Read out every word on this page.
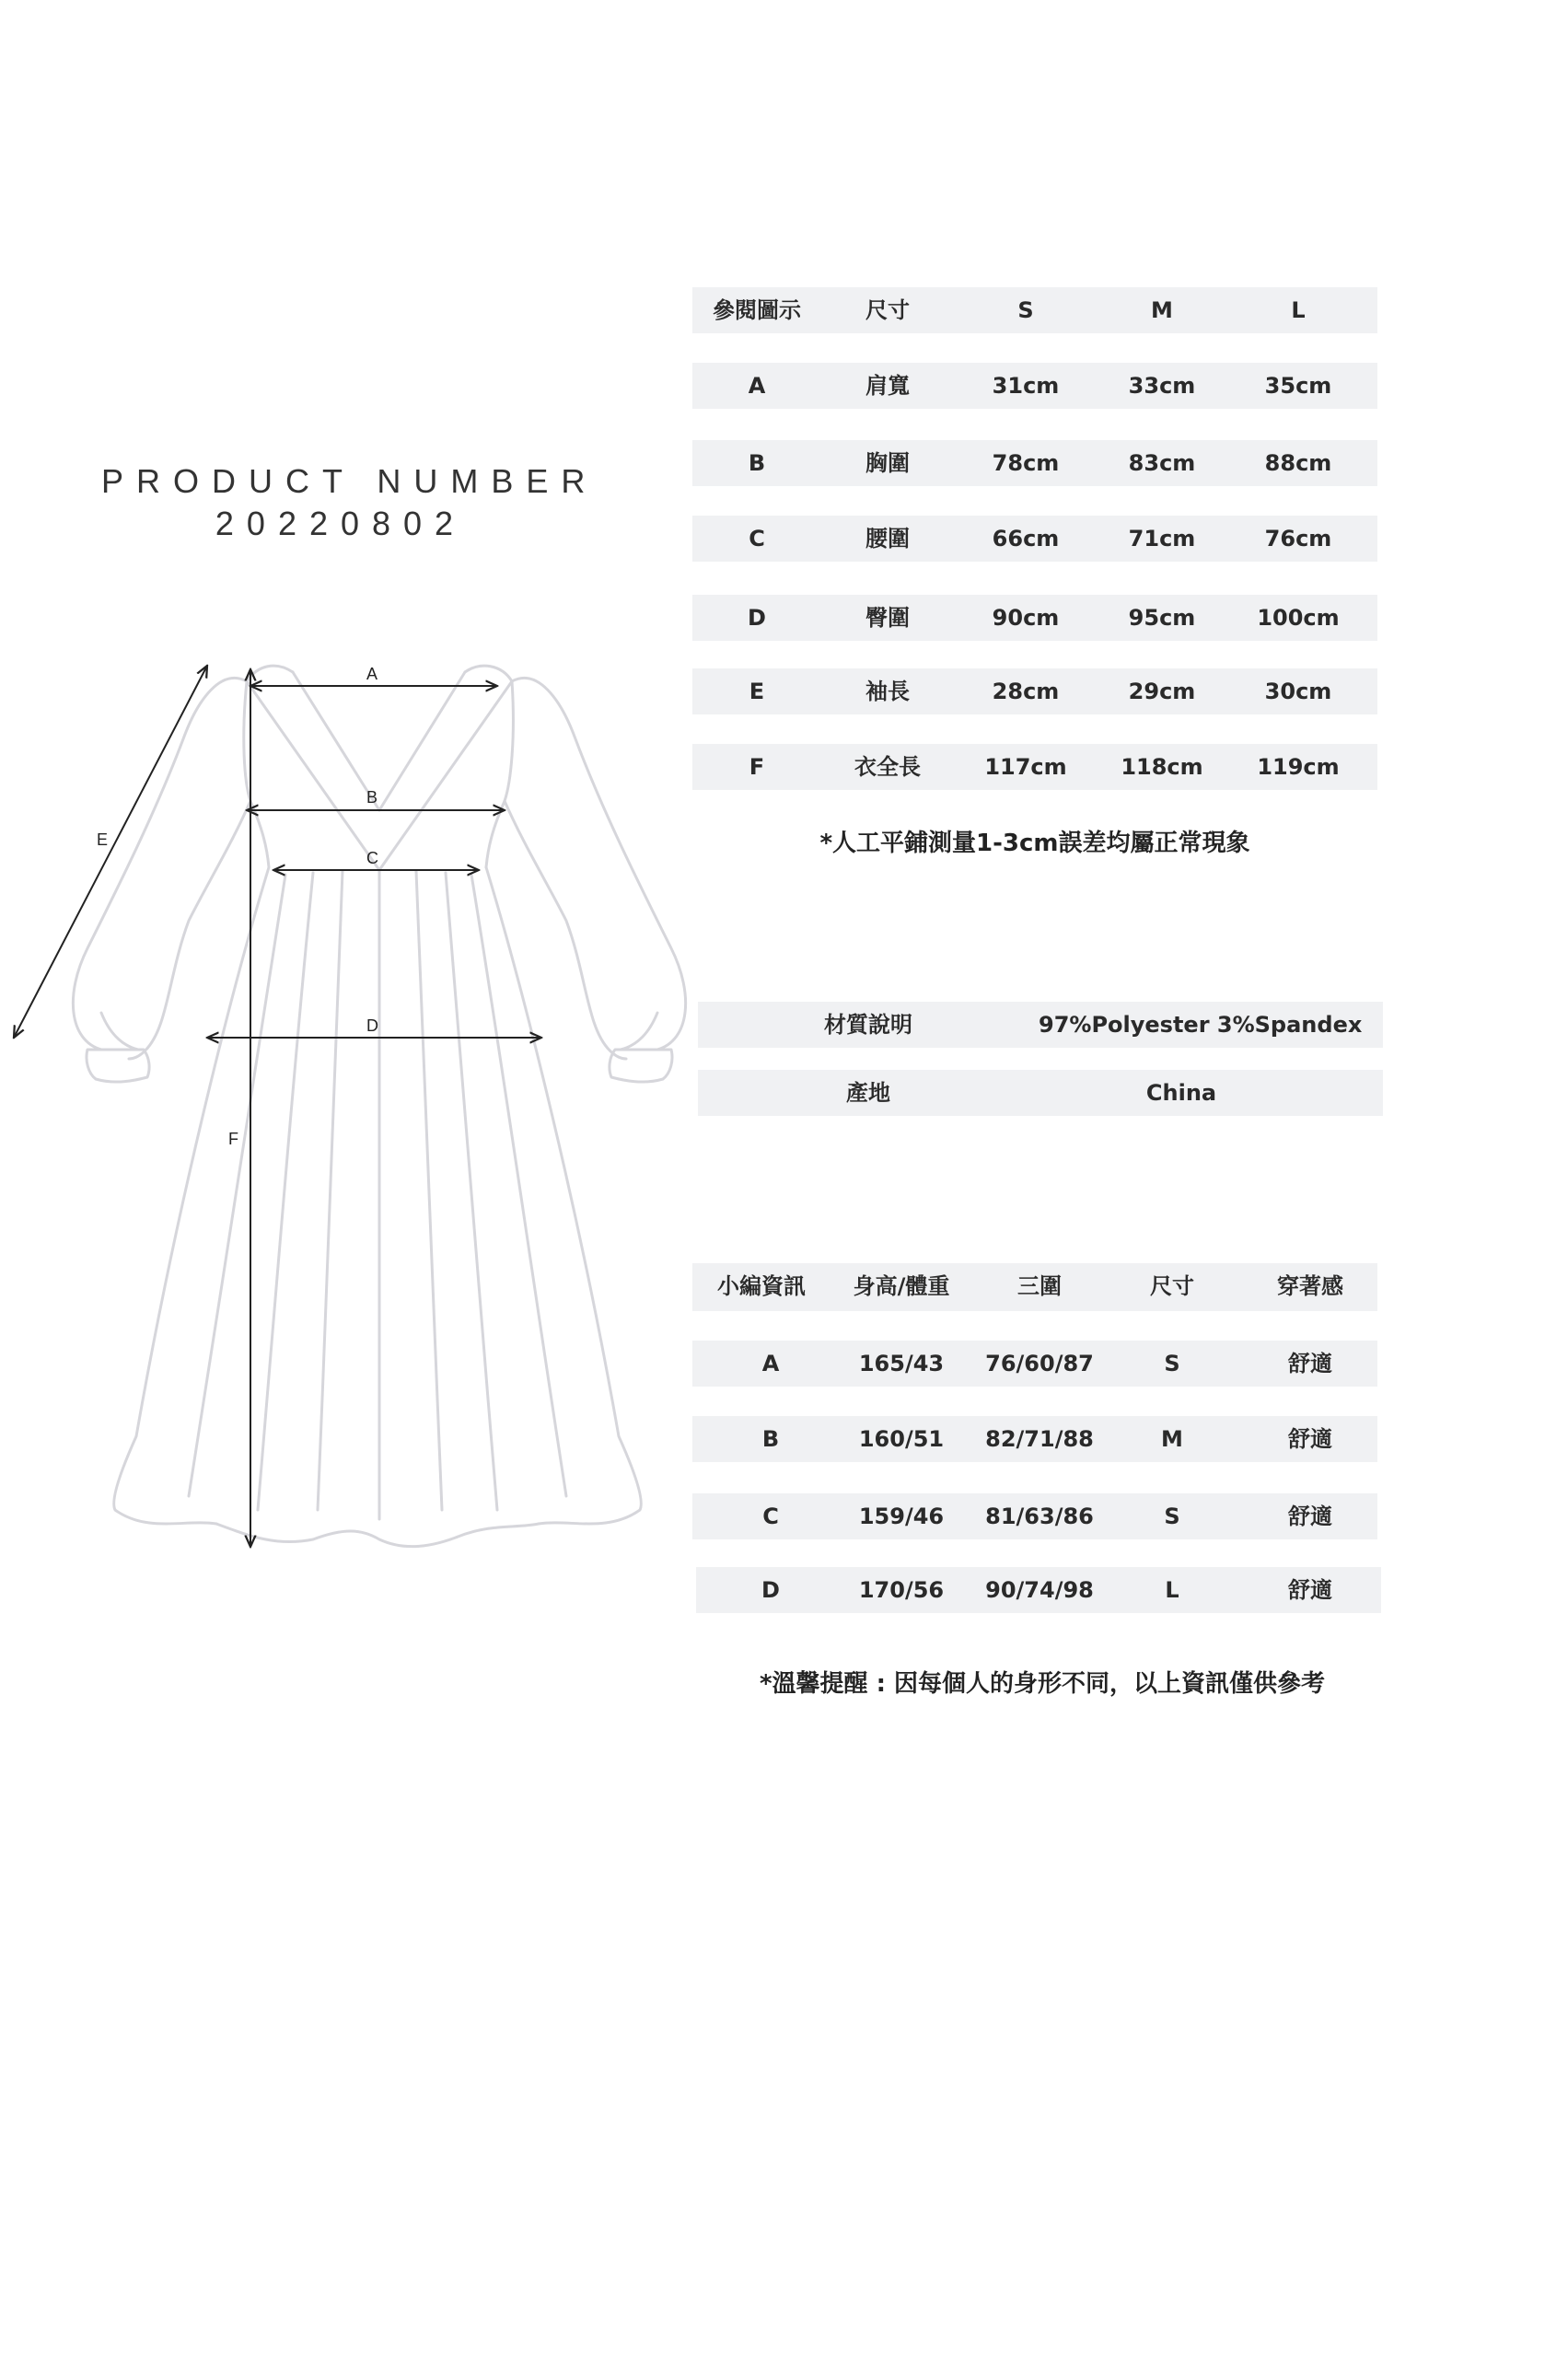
PRODUCT NUMBER
20220802
A
B
C
D
E
F
參閱圖示	尺寸	S	M	L
A	肩寬	31cm	33cm	35cm
B	胸圍	78cm	83cm	88cm
C	腰圍	66cm	71cm	76cm
D	臀圍	90cm	95cm	100cm
E	袖長	28cm	29cm	30cm
F	衣全長	117cm	118cm	119cm
*人工平鋪測量1-3cm誤差均屬正常現象
材質說明	97%Polyester 3%Spandex
產地	China
小編資訊	身高/體重	三圍	尺寸	穿著感
A	165/43	76/60/87	S	舒適
B	160/51	82/71/88	M	舒適
C	159/46	81/63/86	S	舒適
D	170/56	90/74/98	L	舒適
*溫馨提醒 : 因每個人的身形不同，以上資訊僅供參考
